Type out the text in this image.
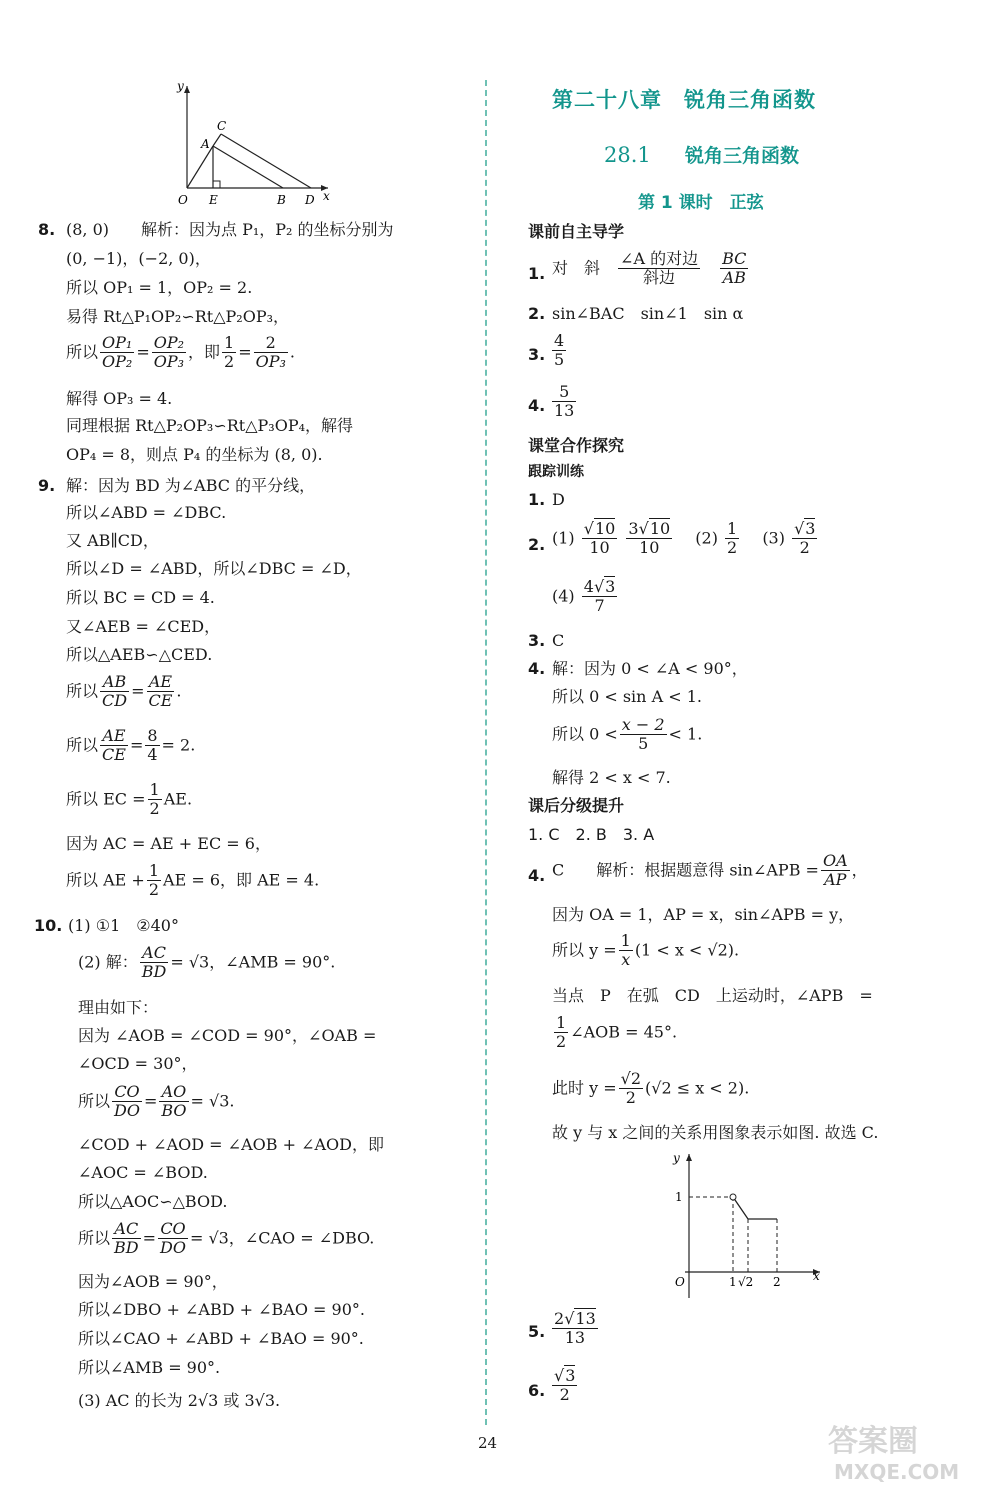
y
C
A
O E	B D x
8. (8, 0)　　解析：因为点 P₁，P₂ 的坐标分别为
(0, −1)，(−2, 0)，
所以 OP₁ = 1，OP₂ = 2.
易得 Rt△P₁OP₂∽Rt△P₂OP₃，
所以 $\frac{\text{OP₁}}{\text{OP₂}} = \frac{\text{OP₂}}{\text{OP₃}}$ ，即 $\frac{1}{2} = \frac{2}{\text{OP₃}}$ .
解得 OP₃ = 4.
同理根据 Rt△P₂OP₃∽Rt△P₃OP₄，解得
OP₄ = 8，则点 P₄ 的坐标为 (8, 0).
9. 解：因为 BD 为∠ABC 的平分线，
所以∠ABD = ∠DBC.
又 AB∥CD，
所以∠D = ∠ABD，所以∠DBC = ∠D，
所以 BC = CD = 4.
又∠AEB = ∠CED，
所以△AEB∽△CED.
所以 $\frac{AB}{CD} = \frac{AE}{CE}$ .
所以 $\frac{AE}{CE} = \frac{8}{4} = 2$.
所以 EC = $\frac{1}{2}$ AE.
因为 AC = AE + EC = 6，
所以 AE + $\frac{1}{2}$ AE = 6，即 AE = 4.
10. (1) ①1　②40°
(2) 解： $\frac{AC}{BD} = √3$，∠AMB = 90°.
理由如下：
因为 ∠AOB = ∠COD = 90°，∠OAB =
∠OCD = 30°，
所以 $\frac{CO}{DO} = \frac{AO}{BO} = √3$.
∠COD + ∠AOD = ∠AOB + ∠AOD，即
∠AOC = ∠BOD.
所以△AOC∽△BOD.
所以 $\frac{AC}{BD} = \frac{CO}{DO} = √3$，∠CAO = ∠DBO.
因为∠AOB = 90°，
所以∠DBO + ∠ABD + ∠BAO = 90°.
所以∠CAO + ∠ABD + ∠BAO = 90°.
所以∠AMB = 90°.
(3) AC 的长为 2√3 或 3√3.
第二十八章　锐角三角函数
28.1 锐角三角函数
第 1 课时　正弦
课前自主导学
1. 对　斜　 ∠A 的对边
斜边
　	$\frac{BC}{AB}$
2. sin∠BAC　sin∠1　sin α
3. $\frac{4}{5}$
4. $\frac{5}{13}$
课堂合作探究
跟踪训练
1. D
2. $(1) \frac{√10}{10}$
$\frac{3√10}{10}$
　 $(2) \frac{1}{2}$
　 $(3) \frac{√3}{2}$
$(4) \frac{4√3}{7}$
3. C
4. 解：因为 0 < ∠A < 90°，
所以 0 < sin A < 1.
所以 $0 < \frac{x - 2}{5} < 1$.
解得 2 < x < 7.
课后分级提升
1. C　2. B　3. A
4. C　　解析：根据题意得 sin∠APB = $\frac{OA}{AP}$ ，
因为 OA = 1，AP = x，sin∠APB = y，
所以 $y = \frac{1}{x} (1 < x < √2)$.
当点　P　在弧　CD　上运动时，∠APB　=
$\frac{1}{2}$ ∠AOB = 45°.
此时 $y = \frac{√2}{2} (√2 \le x < 2)$.
故 y 与 x 之间的关系用图象表示如图. 故选 C.
y
1
O	1 √2 2	x
5. $\frac{2√13}{13}$
6. $\frac{√3}{2}$
24	答案圈
MXQE.COM
